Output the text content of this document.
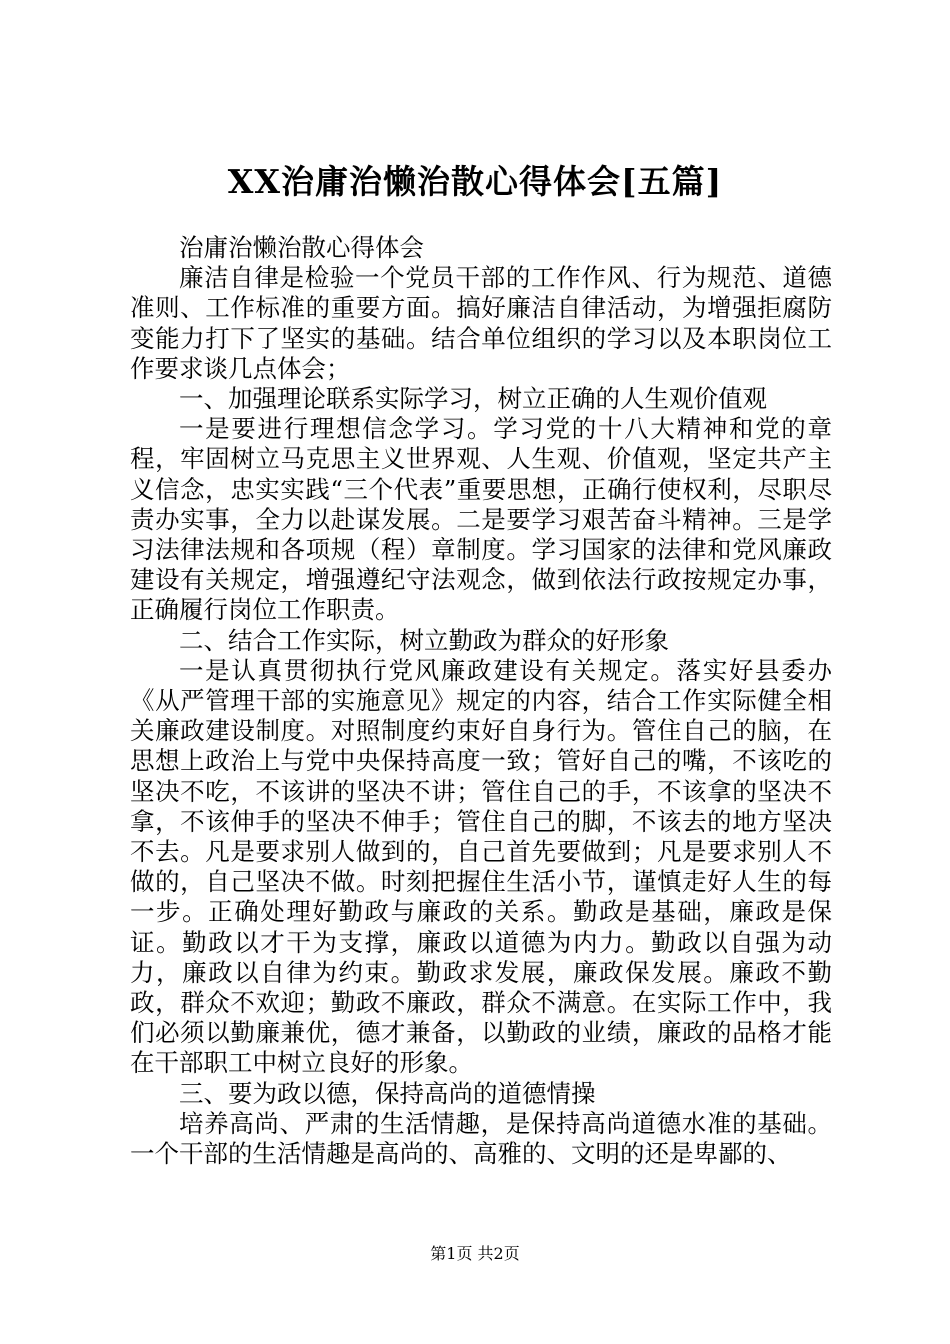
XX治庸治懒治散心得体会[五篇]

治庸治懒治散心得体会

廉洁自律是检验一个党员干部的工作作风、行为规范、道德准则、工作标准的重要方面。搞好廉洁自律活动，为增强拒腐防变能力打下了坚实的基础。结合单位组织的学习以及本职岗位工作要求谈几点体会；

一、加强理论联系实际学习，树立正确的人生观价值观

一是要进行理想信念学习。学习党的十八大精神和党的章程，牢固树立马克思主义世界观、人生观、价值观，坚定共产主义信念，忠实实践“三个代表”重要思想，正确行使权利，尽职尽责办实事，全力以赴谋发展。二是要学习艰苦奋斗精神。三是学习法律法规和各项规（程）章制度。学习国家的法律和党风廉政建设有关规定，增强遵纪守法观念，做到依法行政按规定办事，正确履行岗位工作职责。

二、结合工作实际，树立勤政为群众的好形象

一是认真贯彻执行党风廉政建设有关规定。落实好县委办《从严管理干部的实施意见》规定的内容，结合工作实际健全相关廉政建设制度。对照制度约束好自身行为。管住自己的脑，在思想上政治上与党中央保持高度一致；管好自己的嘴，不该吃的坚决不吃，不该讲的坚决不讲；管住自己的手，不该拿的坚决不拿，不该伸手的坚决不伸手；管住自己的脚，不该去的地方坚决不去。凡是要求别人做到的，自己首先要做到；凡是要求别人不做的，自己坚决不做。时刻把握住生活小节，谨慎走好人生的每一步。正确处理好勤政与廉政的关系。勤政是基础，廉政是保证。勤政以才干为支撑，廉政以道德为内力。勤政以自强为动力，廉政以自律为约束。勤政求发展，廉政保发展。廉政不勤政，群众不欢迎；勤政不廉政，群众不满意。在实际工作中，我们必须以勤廉兼优，德才兼备，以勤政的业绩，廉政的品格才能在干部职工中树立良好的形象。

三、要为政以德，保持高尚的道德情操

培养高尚、严肃的生活情趣，是保持高尚道德水准的基础。一个干部的生活情趣是高尚的、高雅的、文明的还是卑鄙的、

第1页 共2页
